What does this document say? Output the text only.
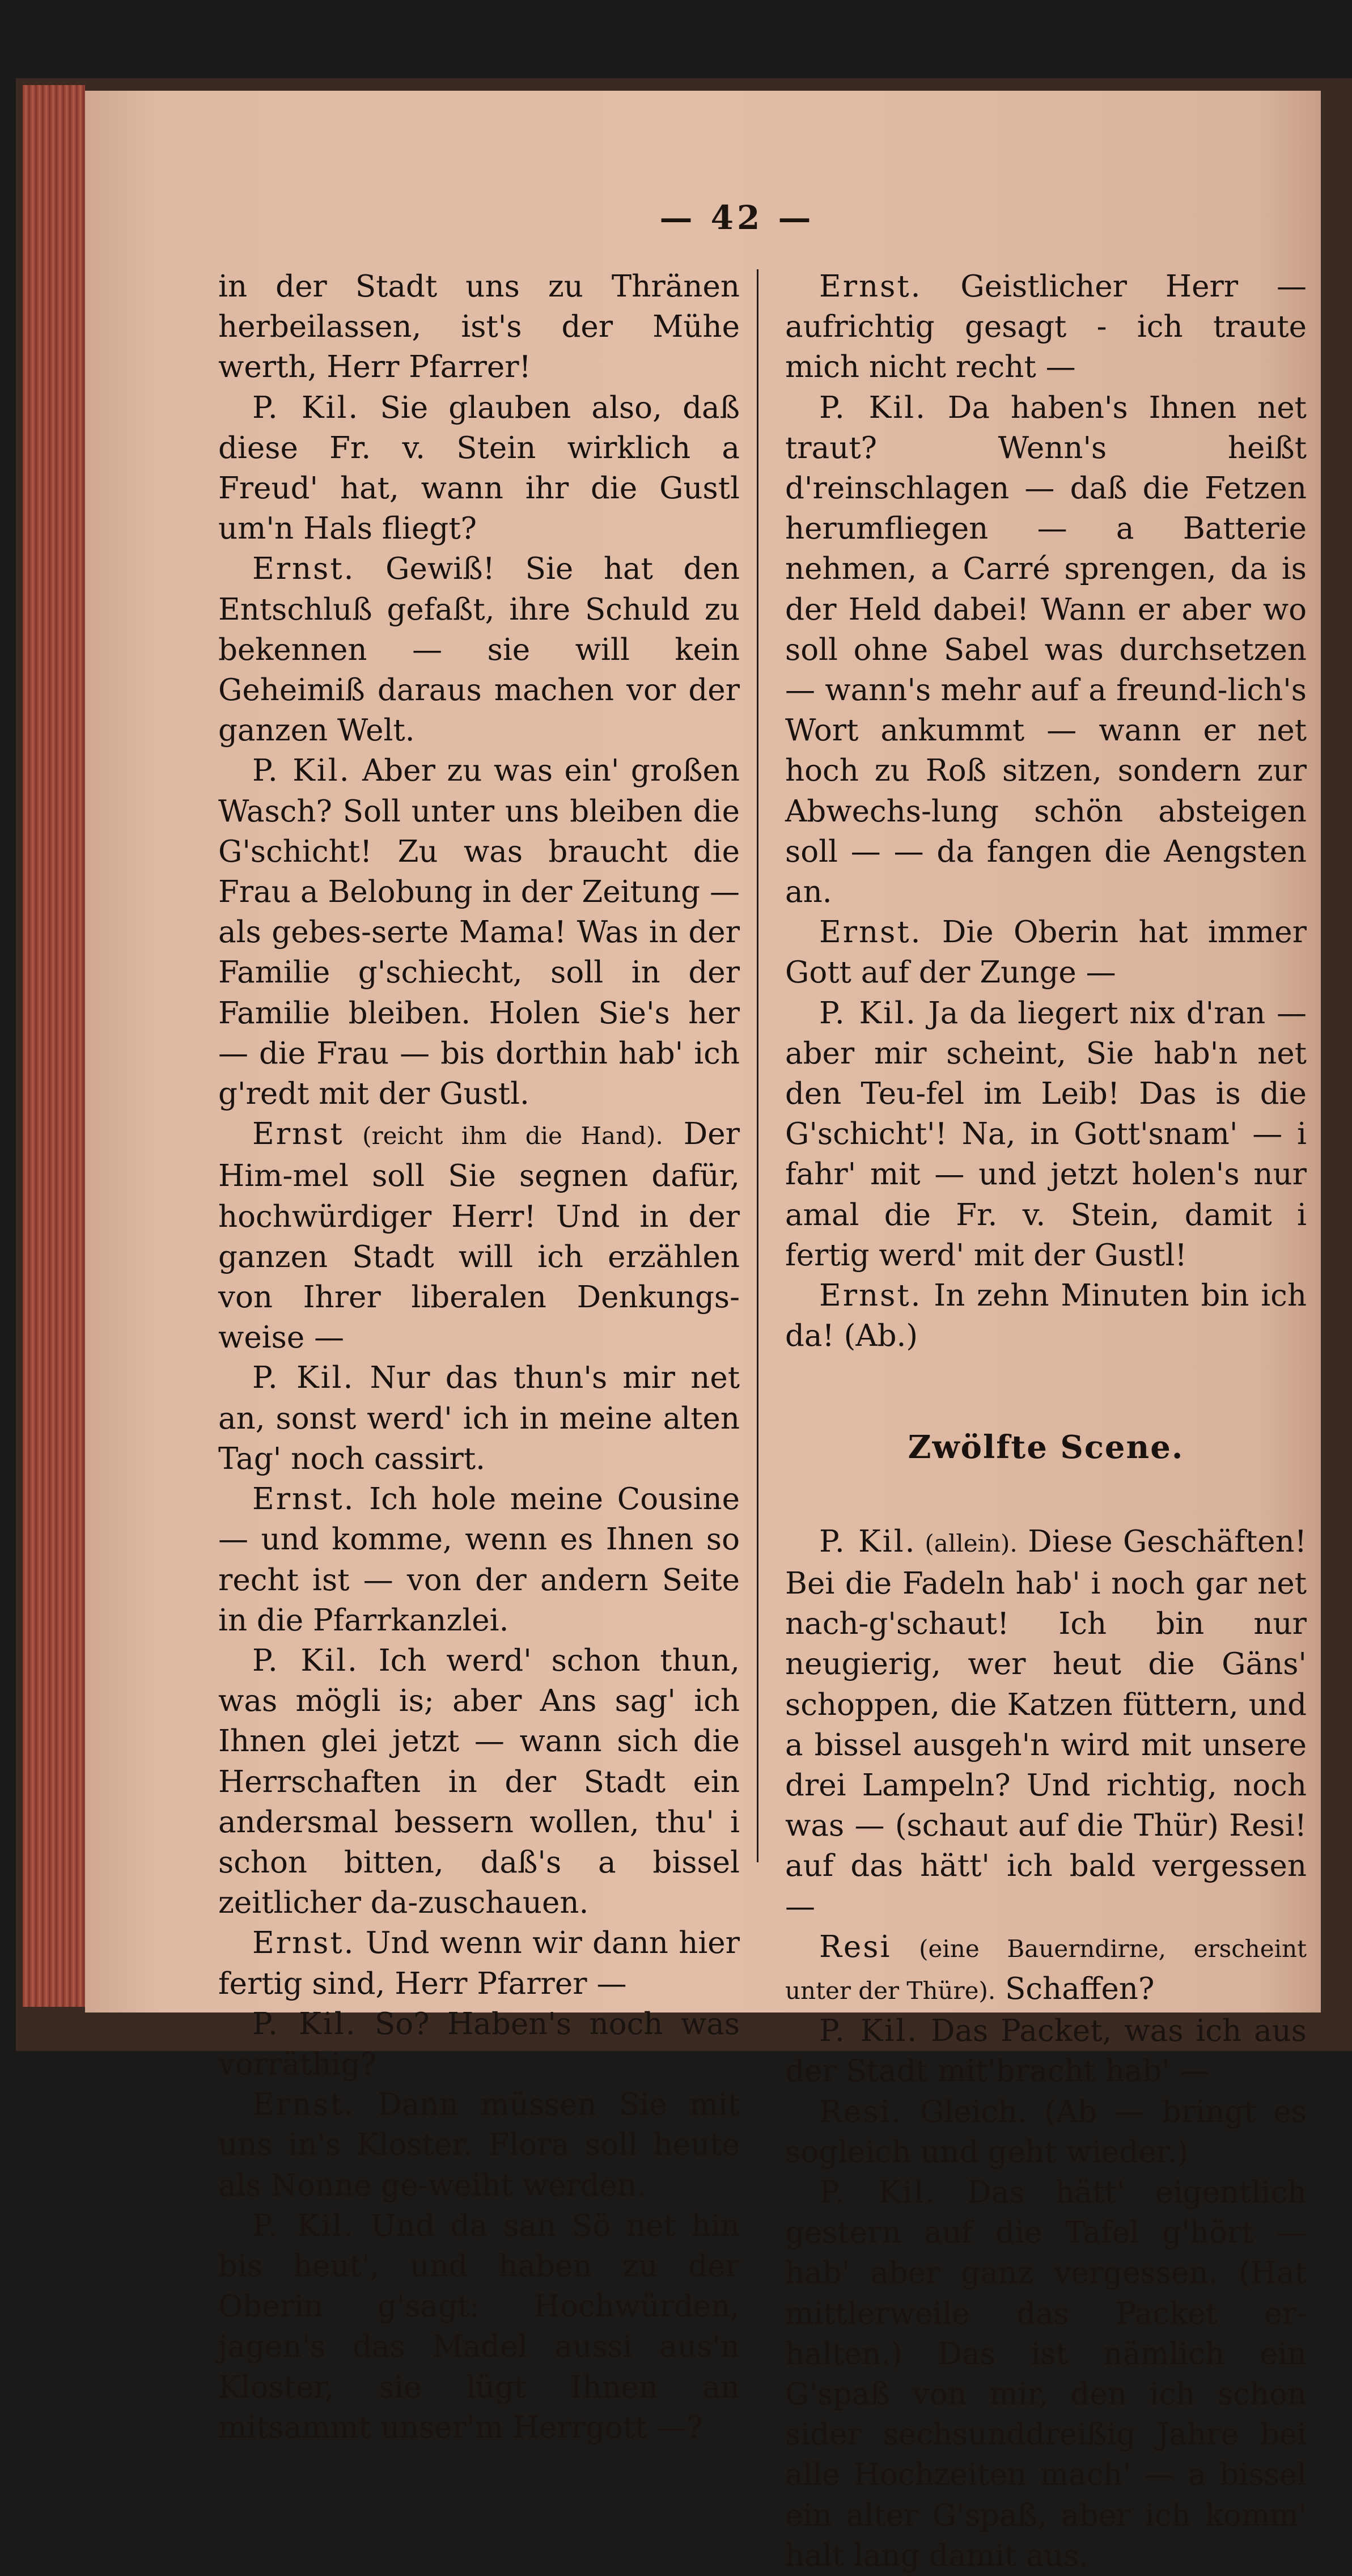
— 42 —

in der Stadt uns zu Thränen herbeilassen, ist's der Mühe werth, Herr Pfarrer!

P. Kil. Sie glauben also, daß diese Fr. v. Stein wirklich a Freud' hat, wann ihr die Gustl um'n Hals fliegt?

Ernst. Gewiß! Sie hat den Entschluß gefaßt, ihre Schuld zu bekennen — sie will kein Geheimiß daraus machen vor der ganzen Welt.

P. Kil. Aber zu was ein' großen Wasch? Soll unter uns bleiben die G'schicht! Zu was braucht die Frau a Belobung in der Zeitung — als gebes-serte Mama! Was in der Familie g'schiecht, soll in der Familie bleiben. Holen Sie's her — die Frau — bis dorthin hab' ich g'redt mit der Gustl.

Ernst (reicht ihm die Hand). Der Him-mel soll Sie segnen dafür, hochwürdiger Herr! Und in der ganzen Stadt will ich erzählen von Ihrer liberalen Denkungs-weise —

P. Kil. Nur das thun's mir net an, sonst werd' ich in meine alten Tag' noch cassirt.

Ernst. Ich hole meine Cousine — und komme, wenn es Ihnen so recht ist — von der andern Seite in die Pfarrkanzlei.

P. Kil. Ich werd' schon thun, was mögli is; aber Ans sag' ich Ihnen glei jetzt — wann sich die Herrschaften in der Stadt ein andersmal bessern wollen, thu' i schon bitten, daß's a bissel zeitlicher da-zuschauen.

Ernst. Und wenn wir dann hier fertig sind, Herr Pfarrer —

P. Kil. So? Haben's noch was vorräthig?

Ernst. Dann müssen Sie mit uns in's Kloster. Flora soll heute als Nonne ge-weiht werden.

P. Kil. Und da san Sö net hin bis heut', und haben zu der Oberin g'sagt: Hochwürden, jagen's das Madel aussi aus'n Kloster, sie lügt Ihnen an mitsammt unser'm Herrgott —?

Ernst. Geistlicher Herr — aufrichtig gesagt - ich traute mich nicht recht —

P. Kil. Da haben's Ihnen net traut? Wenn's heißt d'reinschlagen — daß die Fetzen herumfliegen — a Batterie nehmen, a Carré sprengen, da is der Held dabei! Wann er aber wo soll ohne Sabel was durchsetzen — wann's mehr auf a freund-lich's Wort ankummt — wann er net hoch zu Roß sitzen, sondern zur Abwechs-lung schön absteigen soll — — da fangen die Aengsten an.

Ernst. Die Oberin hat immer Gott auf der Zunge —

P. Kil. Ja da liegert nix d'ran — aber mir scheint, Sie hab'n net den Teu-fel im Leib! Das is die G'schicht'! Na, in Gott'snam' — i fahr' mit — und jetzt holen's nur amal die Fr. v. Stein, damit i fertig werd' mit der Gustl!

Ernst. In zehn Minuten bin ich da! (Ab.)

Zwölfte Scene.

P. Kil. (allein). Diese Geschäften! Bei die Fadeln hab' i noch gar net nach-g'schaut! Ich bin nur neugierig, wer heut die Gäns' schoppen, die Katzen füttern, und a bissel ausgeh'n wird mit unsere drei Lampeln? Und richtig, noch was — (schaut auf die Thür) Resi! auf das hätt' ich bald vergessen —

Resi (eine Bauerndirne, erscheint unter der Thüre). Schaffen?

P. Kil. Das Packet, was ich aus der Stadt mit'bracht hab' —

Resi. Gleich. (Ab — bringt es sogleich und geht wieder.)

P. Kil. Das hätt' eigentlich gestern auf die Tafel g'hört — hab' aber ganz vergessen. (Hat mittlerweile das Packet er-halten.) Das ist nämlich ein G'spaß von mir, den ich schon sider sechsunddreißig Jahre bei alle Hochzeiten mach' — a bissel ein alter G'spaß, aber ich komm' halt lang damit aus.
